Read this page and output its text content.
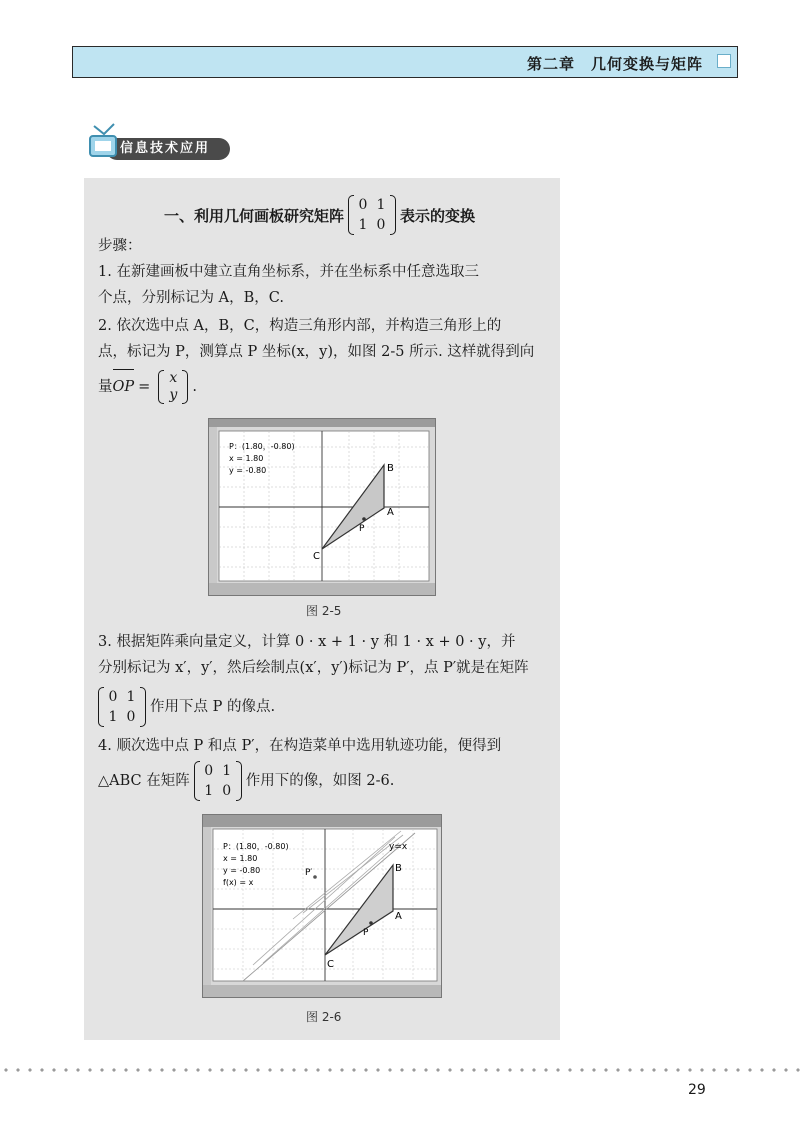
第二章　几何变换与矩阵
信息技术应用
一、利用几何画板研究矩阵
0 1
1 0
表示的变换
步骤：
1. 在新建画板中建立直角坐标系，并在坐标系中任意选取三
个点，分别标记为 A，B，C.
2. 依次选中点 A，B，C，构造三角形内部，并构造三角形上的
点，标记为 P，测算点 P 坐标(x，y)，如图 2-5 所示. 这样就得到向
量 OP =
x
y
.
P：(1.80，-0.80)
x = 1.80
y = -0.80	B
A
C
P
图 2-5
3. 根据矩阵乘向量定义，计算 0 · x + 1 · y 和 1 · x + 0 · y，并
分别标记为 x′，y′，然后绘制点(x′，y′)标记为 P′，点 P′就是在矩阵
0 1
1 0
作用下点 P 的像点.
4. 顺次选中点 P 和点 P′，在构造菜单中选用轨迹功能，便得到
△ABC 在矩阵
0 1
1 0
作用下的像，如图 2-6.
P：(1.80，-0.80)
x = 1.80
y = -0.80
f(x) = x
y=x
B
A
C
P
P′
图 2-6
29
